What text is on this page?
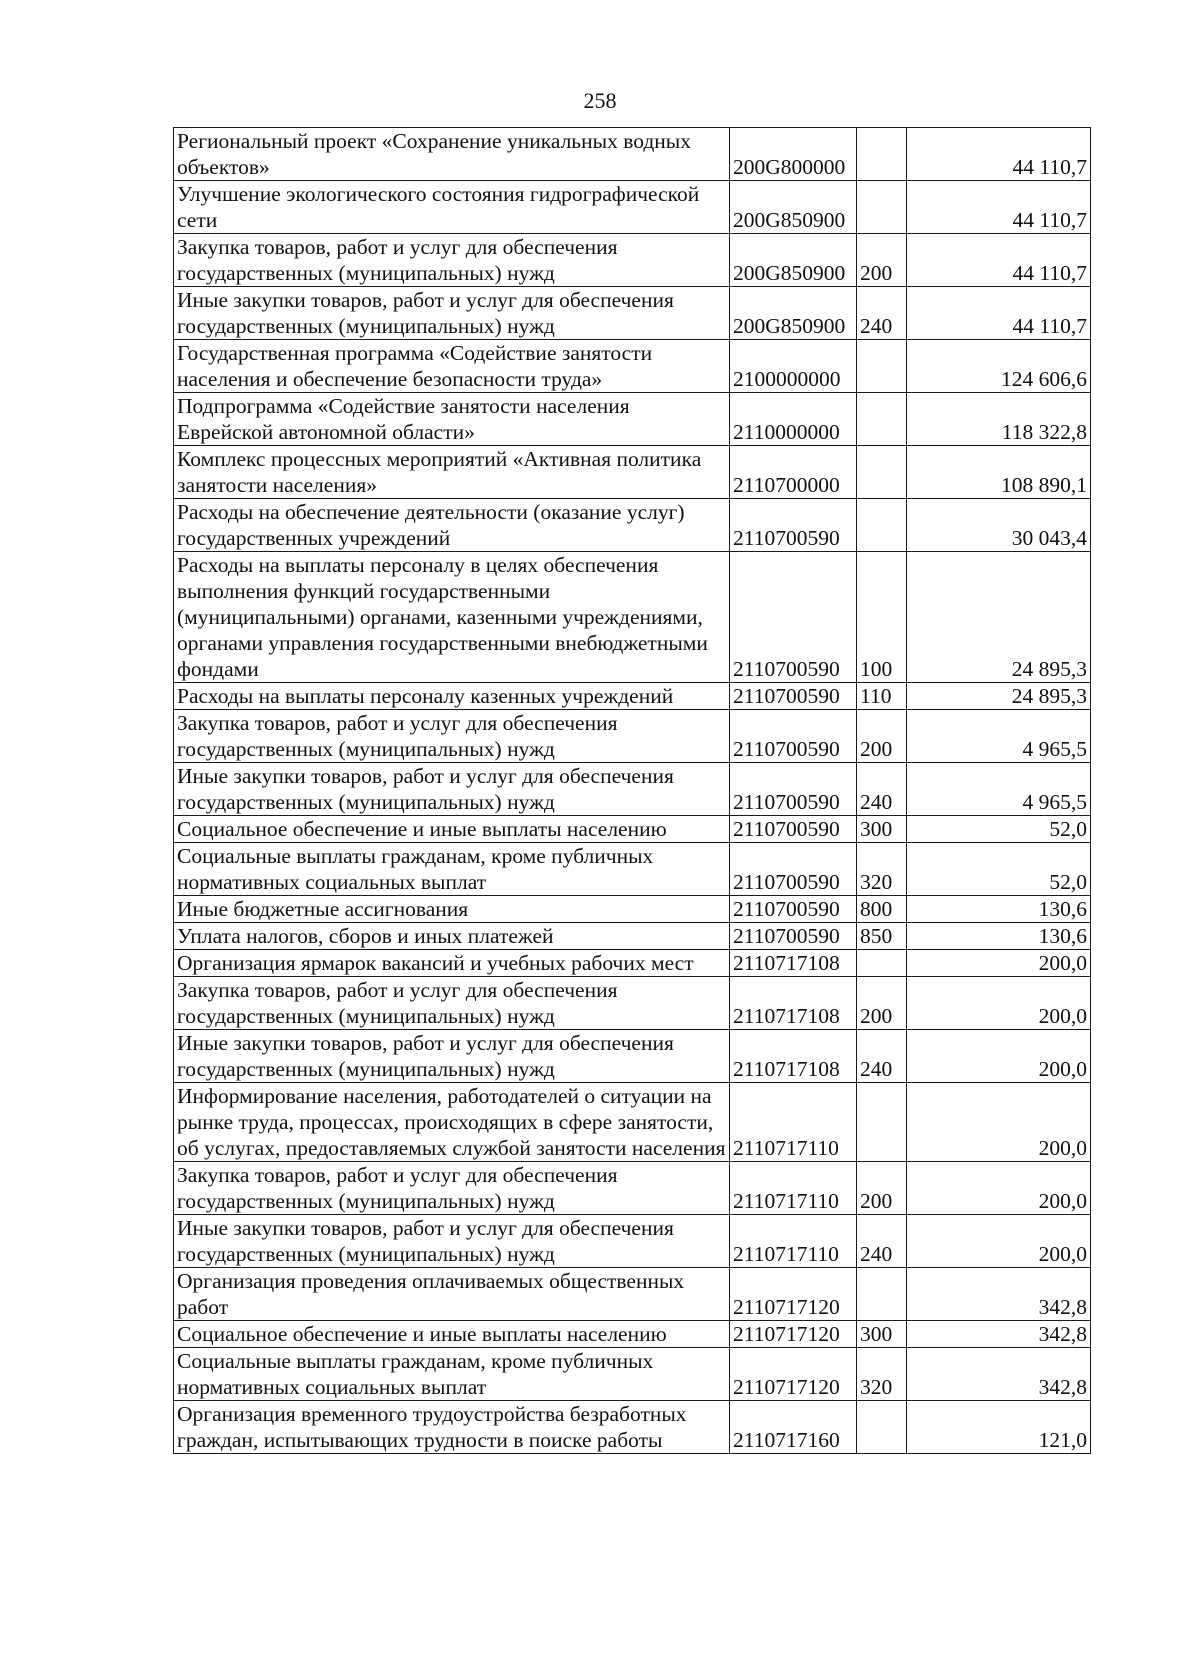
258
Региональный проект «Сохранение уникальных водных объектов»	200G800000		44 110,7
Улучшение экологического состояния гидрографической сети	200G850900		44 110,7
Закупка товаров, работ и услуг для обеспечения государственных (муниципальных) нужд	200G850900	200	44 110,7
Иные закупки товаров, работ и услуг для обеспечения государственных (муниципальных) нужд	200G850900	240	44 110,7
Государственная программа «Содействие занятости населения и обеспечение безопасности труда»	2100000000		124 606,6
Подпрограмма «Содействие занятости населения Еврейской автономной области»	2110000000		118 322,8
Комплекс процессных мероприятий «Активная политика занятости населения»	2110700000		108 890,1
Расходы на обеспечение деятельности (оказание услуг) государственных учреждений	2110700590		30 043,4
Расходы на выплаты персоналу в целях обеспечения выполнения функций государственными (муниципальными) органами, казенными учреждениями, органами управления государственными внебюджетными фондами	2110700590	100	24 895,3
Расходы на выплаты персоналу казенных учреждений	2110700590	110	24 895,3
Закупка товаров, работ и услуг для обеспечения государственных (муниципальных) нужд	2110700590	200	4 965,5
Иные закупки товаров, работ и услуг для обеспечения государственных (муниципальных) нужд	2110700590	240	4 965,5
Социальное обеспечение и иные выплаты населению	2110700590	300	52,0
Социальные выплаты гражданам, кроме публичных нормативных социальных выплат	2110700590	320	52,0
Иные бюджетные ассигнования	2110700590	800	130,6
Уплата налогов, сборов и иных платежей	2110700590	850	130,6
Организация ярмарок вакансий и учебных рабочих мест	2110717108		200,0
Закупка товаров, работ и услуг для обеспечения государственных (муниципальных) нужд	2110717108	200	200,0
Иные закупки товаров, работ и услуг для обеспечения государственных (муниципальных) нужд	2110717108	240	200,0
Информирование населения, работодателей о ситуации на рынке труда, процессах, происходящих в сфере занятости, об услугах, предоставляемых службой занятости населения	2110717110		200,0
Закупка товаров, работ и услуг для обеспечения государственных (муниципальных) нужд	2110717110	200	200,0
Иные закупки товаров, работ и услуг для обеспечения государственных (муниципальных) нужд	2110717110	240	200,0
Организация проведения оплачиваемых общественных работ	2110717120		342,8
Социальное обеспечение и иные выплаты населению	2110717120	300	342,8
Социальные выплаты гражданам, кроме публичных нормативных социальных выплат	2110717120	320	342,8
Организация временного трудоустройства безработных граждан, испытывающих трудности в поиске работы	2110717160		121,0
